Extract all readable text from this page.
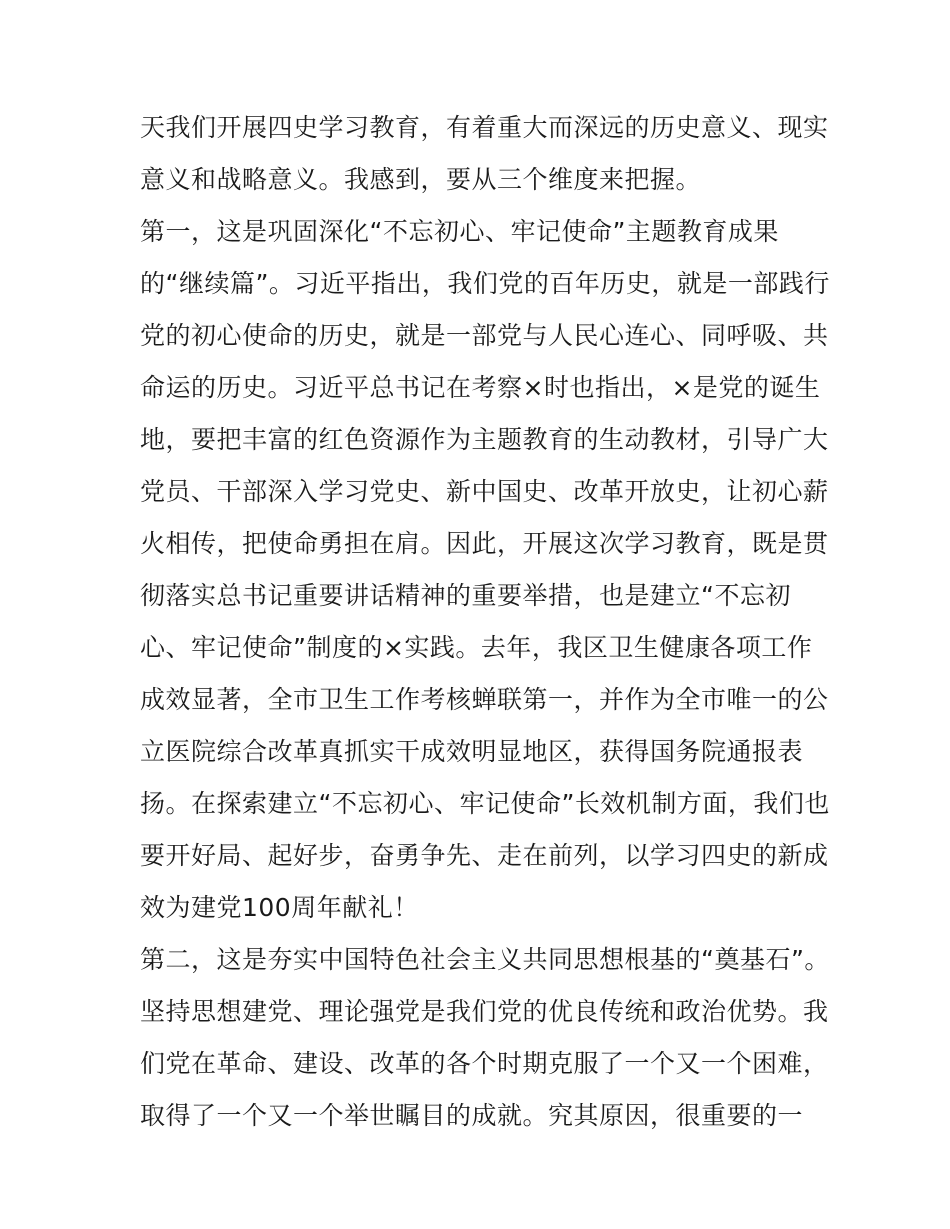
天我们开展四史学习教育，有着重大而深远的历史意义、现实
意义和战略意义。我感到，要从三个维度来把握。
第一，这是巩固深化“不忘初心、牢记使命”主题教育成果
的“继续篇”。习近平指出，我们党的百年历史，就是一部践行
党的初心使命的历史，就是一部党与人民心连心、同呼吸、共
命运的历史。习近平总书记在考察×时也指出，×是党的诞生
地，要把丰富的红色资源作为主题教育的生动教材，引导广大
党员、干部深入学习党史、新中国史、改革开放史，让初心薪
火相传，把使命勇担在肩。因此，开展这次学习教育，既是贯
彻落实总书记重要讲话精神的重要举措，也是建立“不忘初
心、牢记使命”制度的×实践。去年，我区卫生健康各项工作
成效显著，全市卫生工作考核蝉联第一，并作为全市唯一的公
立医院综合改革真抓实干成效明显地区，获得国务院通报表
扬。在探索建立“不忘初心、牢记使命”长效机制方面，我们也
要开好局、起好步，奋勇争先、走在前列，以学习四史的新成
效为建党100周年献礼！
第二，这是夯实中国特色社会主义共同思想根基的“奠基石”。
坚持思想建党、理论强党是我们党的优良传统和政治优势。我
们党在革命、建设、改革的各个时期克服了一个又一个困难，
取得了一个又一个举世瞩目的成就。究其原因，很重要的一
